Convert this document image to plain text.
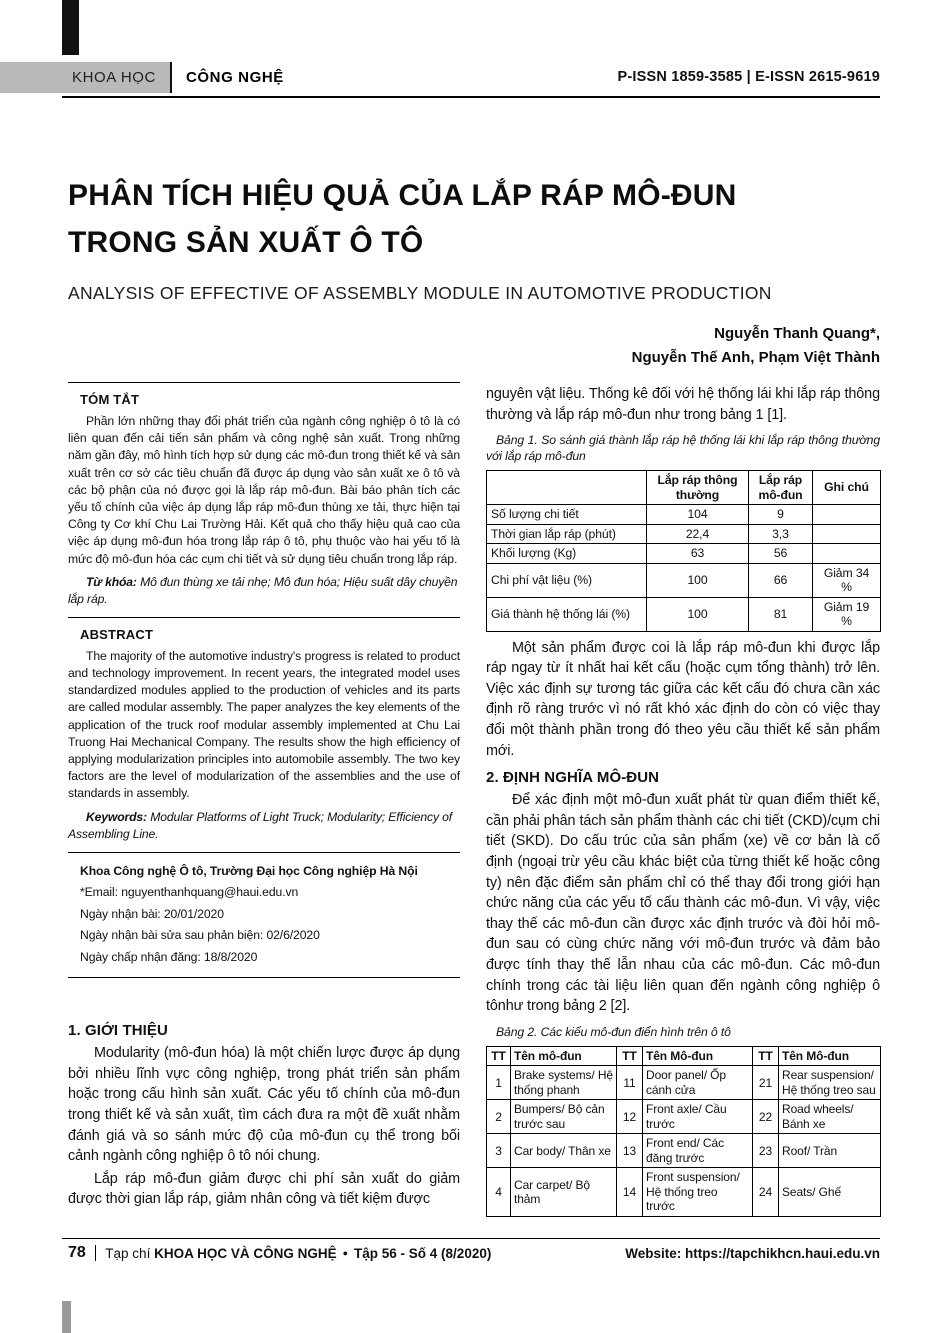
KHOA HỌC CÔNG NGHỆ	P-ISSN 1859-3585 | E-ISSN 2615-9619
PHÂN TÍCH HIỆU QUẢ CỦA LẮP RÁP MÔ-ĐUN
TRONG SẢN XUẤT Ô TÔ
ANALYSIS OF EFFECTIVE OF ASSEMBLY MODULE IN AUTOMOTIVE PRODUCTION
Nguyễn Thanh Quang*,
Nguyễn Thế Anh, Phạm Việt Thành
TÓM TẮT

Phần lớn những thay đổi phát triển của ngành công nghiệp ô tô là có liên quan đến cải tiến sản phẩm và công nghệ sản xuất. Trong những năm gần đây, mô hình tích hợp sử dụng các mô-đun trong thiết kế và sản xuất trên cơ sở các tiêu chuẩn đã được áp dụng vào sản xuất xe ô tô và các bộ phận của nó được gọi là lắp ráp mô-đun. Bài báo phân tích các yếu tố chính của việc áp dụng lắp ráp mô-đun thùng xe tải, thực hiện tại Công ty Cơ khí Chu Lai Trường Hải. Kết quả cho thấy hiệu quả cao của việc áp dụng mô-đun hóa trong lắp ráp ô tô, phụ thuộc vào hai yếu tố là mức độ mô-đun hóa các cụm chi tiết và sử dụng tiêu chuẩn trong lắp ráp.

Từ khóa: Mô đun thùng xe tải nhẹ; Mô đun hóa; Hiệu suất dây chuyền lắp ráp.

ABSTRACT

The majority of the automotive industry's progress is related to product and technology improvement. In recent years, the integrated model uses standardized modules applied to the production of vehicles and its parts are called modular assembly. The paper analyzes the key elements of the application of the truck roof modular assembly implemented at Chu Lai Truong Hai Mechanical Company. The results show the high efficiency of applying modularization principles into automobile assembly. The two key factors are the level of modularization of the assemblies and the use of standards in assembly.

Keywords: Modular Platforms of Light Truck; Modularity; Efficiency of Assembling Line.

Khoa Công nghệ Ô tô, Trường Đại học Công nghiệp Hà Nội
*Email: nguyenthanhquang@haui.edu.vn
Ngày nhận bài: 20/01/2020
Ngày nhận bài sửa sau phản biện: 02/6/2020
Ngày chấp nhận đăng: 18/8/2020
1. GIỚI THIỆU

Modularity (mô-đun hóa) là một chiến lược được áp dụng bởi nhiều lĩnh vực công nghiệp, trong phát triển sản phẩm hoặc trong cấu hình sản xuất. Các yếu tố chính của mô-đun trong thiết kế và sản xuất, tìm cách đưa ra một đề xuất nhằm đánh giá và so sánh mức độ của mô-đun cụ thể trong bối cảnh ngành công nghiệp ô tô nói chung.

Lắp ráp mô-đun giảm được chi phí sản xuất do giảm được thời gian lắp ráp, giảm nhân công và tiết kiệm được

nguyên vật liệu. Thống kê đối với hệ thống lái khi lắp ráp thông thường và lắp ráp mô-đun như trong bảng 1 [1].

Bảng 1. So sánh giá thành lắp ráp hệ thống lái khi lắp ráp thông thường với lắp ráp mô-đun

	Lắp ráp thông thường	Lắp ráp mô-đun	Ghi chú
Số lượng chi tiết	104	9	
Thời gian lắp ráp (phút)	22,4	3,3	
Khối lượng (Kg)	63	56	
Chi phí vật liệu (%)	100	66	Giảm 34 %
Giá thành hệ thống lái (%)	100	81	Giảm 19 %

Một sản phẩm được coi là lắp ráp mô-đun khi được lắp ráp ngay từ ít nhất hai kết cấu (hoặc cụm tổng thành) trở lên. Việc xác định sự tương tác giữa các kết cấu đó chưa cần xác định rõ ràng trước vì nó rất khó xác định do còn có việc thay đổi một thành phần trong đó theo yêu cầu thiết kế sản phẩm mới.

2. ĐỊNH NGHĨA MÔ-ĐUN

Để xác định một mô-đun xuất phát từ quan điểm thiết kế, cần phải phân tách sản phẩm thành các chi tiết (CKD)/cụm chi tiết (SKD). Do cấu trúc của sản phẩm (xe) về cơ bản là cố định (ngoại trừ yêu cầu khác biệt của từng thiết kế hoặc công ty) nên đặc điểm sản phẩm chỉ có thể thay đổi trong giới hạn chức năng của các yếu tố cấu thành các mô-đun. Vì vậy, việc thay thế các mô-đun cần được xác định trước và đòi hỏi mô-đun sau có cùng chức năng với mô-đun trước và đảm bảo được tính thay thế lẫn nhau của các mô-đun. Các mô-đun chính trong các tài liệu liên quan đến ngành công nghiệp ô tônhư trong bảng 2 [2].

Bảng 2. Các kiểu mô-đun điển hình trên ô tô

TT	Tên mô-đun	TT	Tên Mô-đun	TT	Tên Mô-đun
1	Brake systems/ Hệ thống phanh	11	Door panel/ Ốp cánh cửa	21	Rear suspension/ Hệ thống treo sau
2	Bumpers/ Bộ cản trước sau	12	Front axle/ Cầu trước	22	Road wheels/ Bánh xe
3	Car body/ Thân xe	13	Front end/ Các đăng trước	23	Roof/ Trần
4	Car carpet/ Bộ thảm	14	Front suspension/ Hệ thống treo trước	24	Seats/ Ghế
78 Tạp chí KHOA HỌC VÀ CÔNG NGHỆ ● Tập 56 - Số 4 (8/2020)	Website: https://tapchikhcn.haui.edu.vn
